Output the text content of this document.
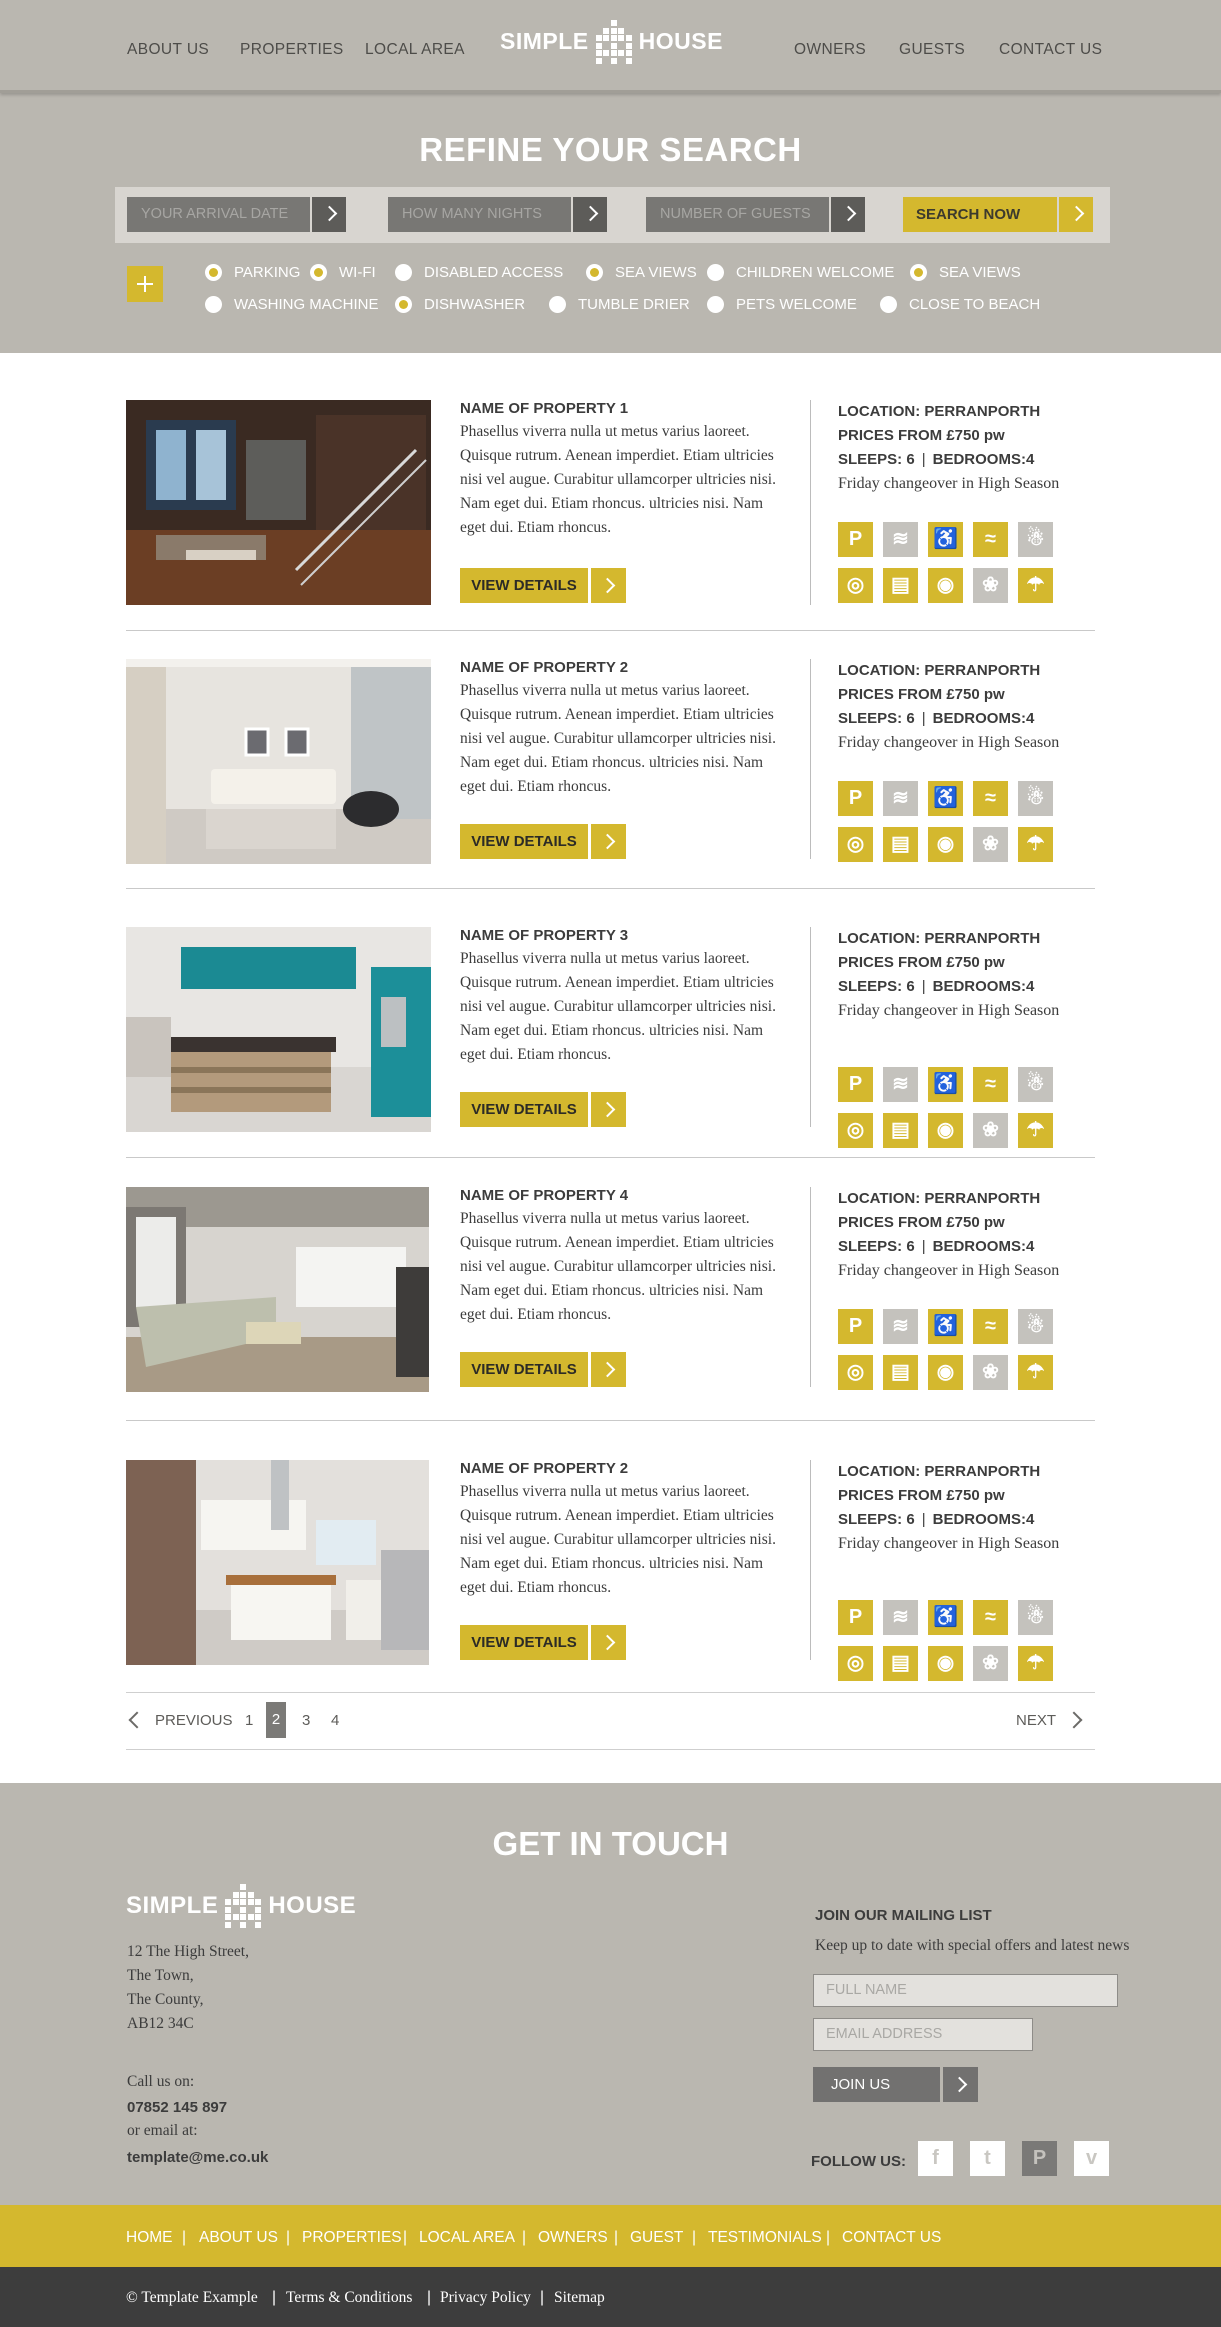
ABOUT US PROPERTIES LOCAL AREA SIMPLE HOUSE	OWNERS GUESTS CONTACT US
REFINE YOUR SEARCH
YOUR ARRIVAL DATE	HOW MANY NIGHTS	NUMBER OF GUESTS	SEARCH NOW
PARKING	WI-FI	DISABLED ACCESS	SEA VIEWS	CHILDREN WELCOME	SEA VIEWS
WASHING MACHINE	DISHWASHER	TUMBLE DRIER	PETS WELCOME	CLOSE TO BEACH
NAME OF PROPERTY 1
Phasellus viverra nulla ut metus varius laoreet. Quisque rutrum. Aenean imperdiet. Etiam ultricies nisi vel augue. Curabitur ullamcorper ultricies nisi. Nam eget dui. Etiam rhoncus. ultricies nisi. Nam eget dui. Etiam rhoncus.
VIEW DETAILS
LOCATION: PERRANPORTH
PRICES FROM £750 pw
SLEEPS: 6 | BEDROOMS:4
Friday changeover in High Season
P	≋	♿	≈	☃
◎	▤	◉	❀	☂
NAME OF PROPERTY 2
Phasellus viverra nulla ut metus varius laoreet. Quisque rutrum. Aenean imperdiet. Etiam ultricies nisi vel augue. Curabitur ullamcorper ultricies nisi. Nam eget dui. Etiam rhoncus. ultricies nisi. Nam eget dui. Etiam rhoncus.
VIEW DETAILS
LOCATION: PERRANPORTH
PRICES FROM £750 pw
SLEEPS: 6 | BEDROOMS:4
Friday changeover in High Season
P	≋	♿	≈	☃
◎	▤	◉	❀	☂
NAME OF PROPERTY 3
Phasellus viverra nulla ut metus varius laoreet. Quisque rutrum. Aenean imperdiet. Etiam ultricies nisi vel augue. Curabitur ullamcorper ultricies nisi. Nam eget dui. Etiam rhoncus. ultricies nisi. Nam eget dui. Etiam rhoncus.
VIEW DETAILS
LOCATION: PERRANPORTH
PRICES FROM £750 pw
SLEEPS: 6 | BEDROOMS:4
Friday changeover in High Season
P	≋	♿	≈	☃
◎	▤	◉	❀	☂
NAME OF PROPERTY 4
Phasellus viverra nulla ut metus varius laoreet. Quisque rutrum. Aenean imperdiet. Etiam ultricies nisi vel augue. Curabitur ullamcorper ultricies nisi. Nam eget dui. Etiam rhoncus. ultricies nisi. Nam eget dui. Etiam rhoncus.
VIEW DETAILS
LOCATION: PERRANPORTH
PRICES FROM £750 pw
SLEEPS: 6 | BEDROOMS:4
Friday changeover in High Season
P	≋	♿	≈	☃
◎	▤	◉	❀	☂
NAME OF PROPERTY 2
Phasellus viverra nulla ut metus varius laoreet. Quisque rutrum. Aenean imperdiet. Etiam ultricies nisi vel augue. Curabitur ullamcorper ultricies nisi. Nam eget dui. Etiam rhoncus. ultricies nisi. Nam eget dui. Etiam rhoncus.
VIEW DETAILS
LOCATION: PERRANPORTH
PRICES FROM £750 pw
SLEEPS: 6 | BEDROOMS:4
Friday changeover in High Season
P	≋	♿	≈	☃
◎	▤	◉	❀	☂
PREVIOUS 1	2	3 4	NEXT
GET IN TOUCH
SIMPLE HOUSE
12 The High Street,
The Town,
The County,
AB12 34C
Call us on:
07852 145 897
or email at:
template@me.co.uk
JOIN OUR MAILING LIST
Keep up to date with special offers and latest news
FULL NAME
EMAIL ADDRESS
JOIN US
FOLLOW US:	f	t	P	v
HOME | ABOUT US | PROPERTIES | LOCAL AREA | OWNERS | GUEST | TESTIMONIALS | CONTACT US
© Template Example | Terms & Conditions | Privacy Policy | Sitemap
